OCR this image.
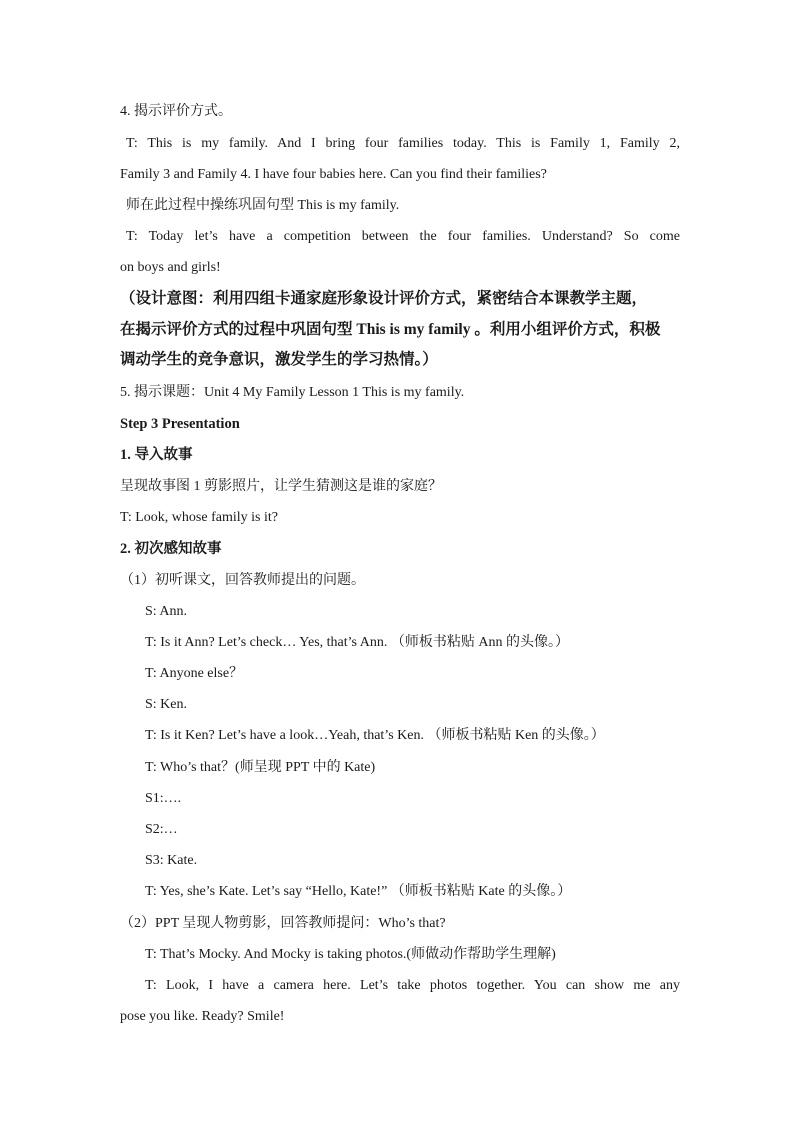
4. 揭示评价方式。
T: This is my family. And I bring four families today. This is Family 1, Family 2,
Family 3 and Family 4. I have four babies here. Can you find their families?
师在此过程中操练巩固句型 This is my family.
T: Today let’s have a competition between the four families. Understand? So come
on boys and girls!
（设计意图：利用四组卡通家庭形象设计评价方式，紧密结合本课教学主题，
在揭示评价方式的过程中巩固句型 This is my family 。利用小组评价方式，积极
调动学生的竞争意识，激发学生的学习热情。）
5. 揭示课题：Unit 4 My Family Lesson 1 This is my family.
Step 3 Presentation
1. 导入故事
呈现故事图 1 剪影照片，让学生猜测这是谁的家庭？
T: Look, whose family is it?
2. 初次感知故事
（1）初听课文，回答教师提出的问题。
S: Ann.
T: Is it Ann? Let’s check… Yes, that’s Ann. （师板书粘贴 Ann 的头像。）
T: Anyone else？
S: Ken.
T: Is it Ken? Let’s have a look…Yeah, that’s Ken. （师板书粘贴 Ken 的头像。）
T: Who’s that？(师呈现 PPT 中的 Kate)
S1:….
S2:…
S3: Kate.
T: Yes, she’s Kate. Let’s say “Hello, Kate!” （师板书粘贴 Kate 的头像。）
（2）PPT 呈现人物剪影，回答教师提问：Who’s that?
T: That’s Mocky. And Mocky is taking photos.(师做动作帮助学生理解)
T: Look, I have a camera here. Let’s take photos together. You can show me any
pose you like. Ready? Smile!
